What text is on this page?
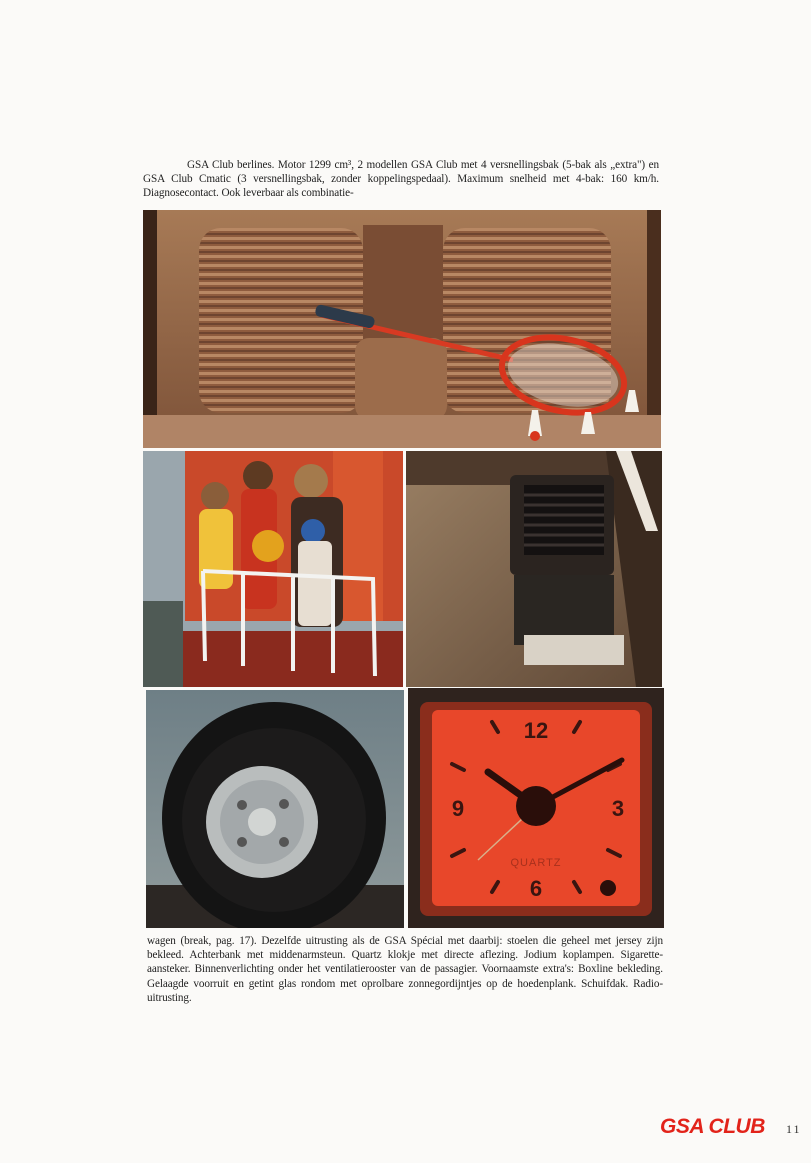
GSA Club berlines. Motor 1299 cm³, 2 modellen GSA Club met 4 versnellingsbak (5-bak als „extra") en GSA Club Cmatic (3 versnellingsbak, zonder koppelingspedaal). Maximum snelheid met 4-bak: 160 km/h. Diagnosecontact. Ook leverbaar als combinatie-

12
3
6
9
QUARTZ

wagen (break, pag. 17). Dezelfde uitrusting als de GSA Spécial met daarbij: stoelen die geheel met jersey zijn bekleed. Achterbank met middenarmsteun. Quartz klokje met directe aflezing. Jodium koplampen. Sigarette-aansteker. Binnenverlichting onder het ventilatierooster van de passagier. Voornaamste extra's: Boxline bekleding. Gelaagde voorruit en getint glas rondom met oprolbare zonnegordijntjes op de hoedenplank. Schuifdak. Radio-uitrusting.

GSA CLUB 11
